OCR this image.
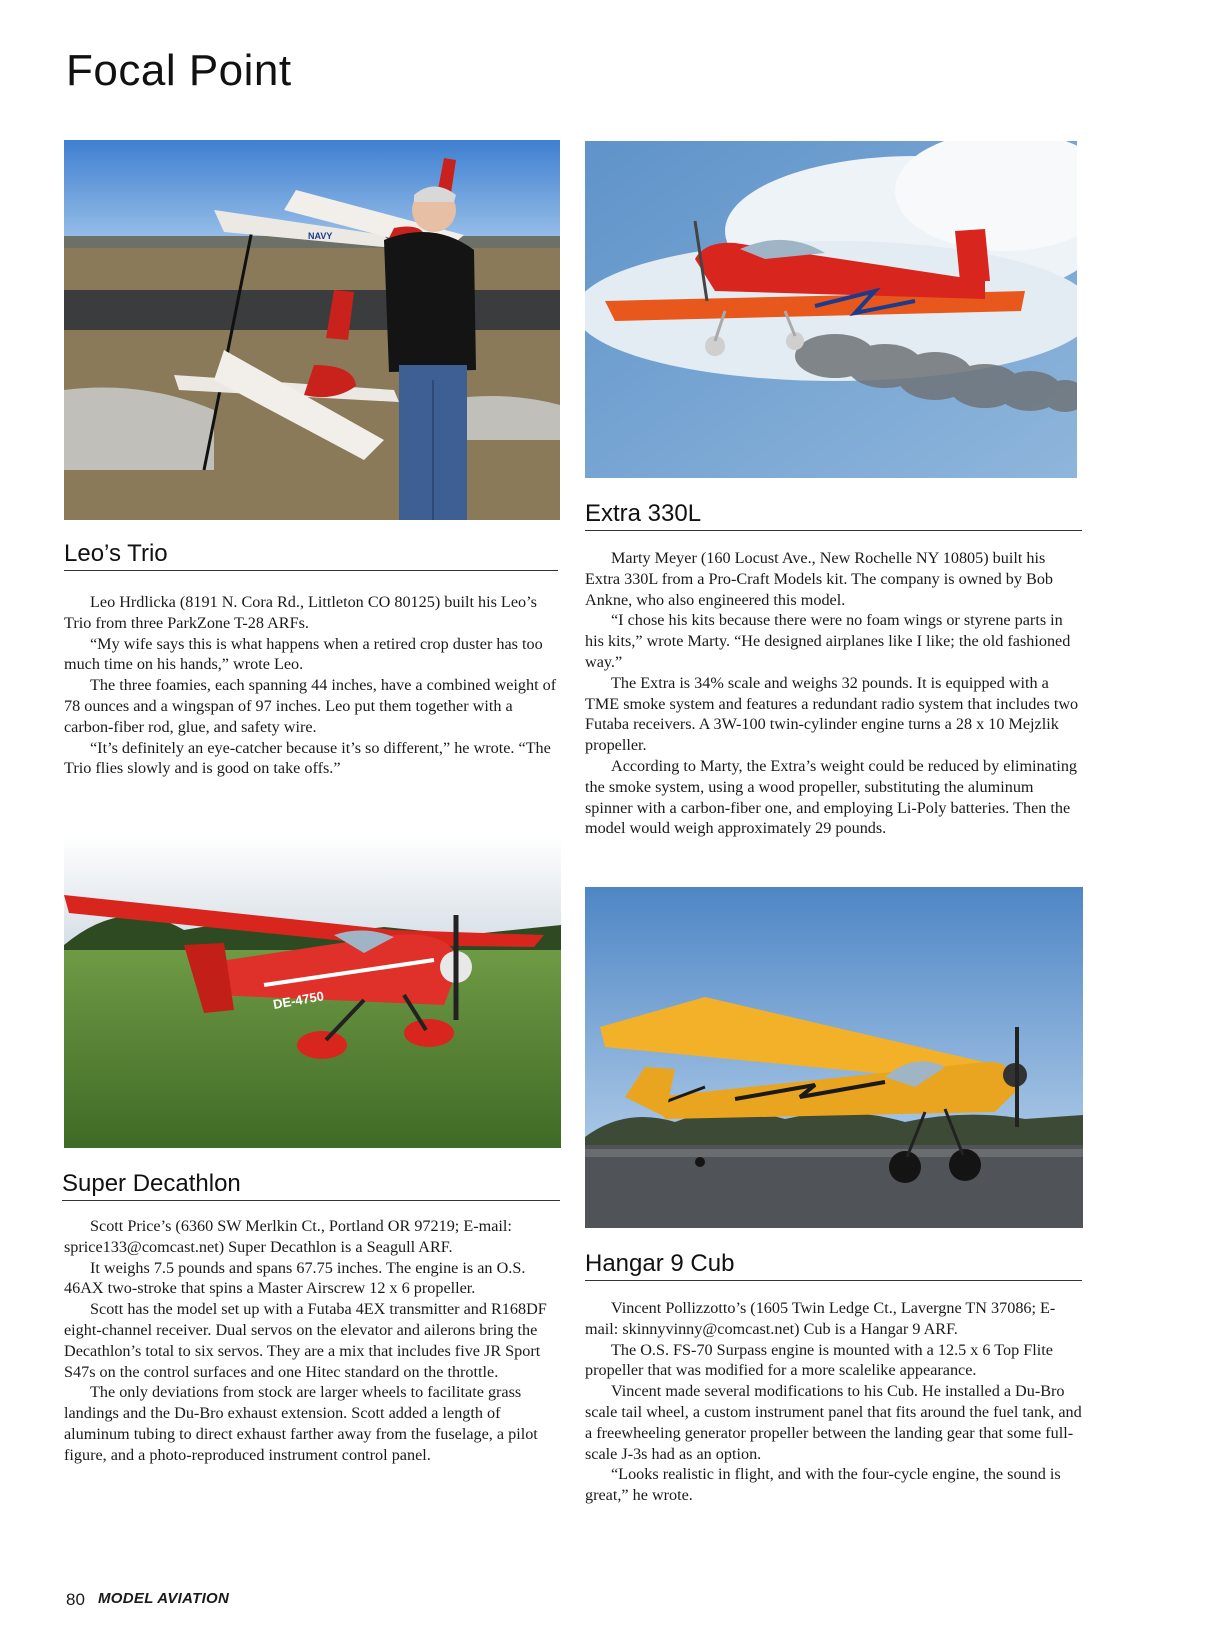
Focal Point
NAVY
Leo’s Trio
Extra 330L

Leo Hrdlicka (8191 N. Cora Rd., Littleton CO 80125) built his Leo’s Trio from three ParkZone T-28 ARFs.

“My wife says this is what happens when a retired crop duster has too much time on his hands,” wrote Leo.

The three foamies, each spanning 44 inches, have a combined weight of 78 ounces and a wingspan of 97 inches. Leo put them together with a carbon-fiber rod, glue, and safety wire.

“It’s definitely an eye-catcher because it’s so different,” he wrote. “The Trio flies slowly and is good on take offs.”

Marty Meyer (160 Locust Ave., New Rochelle NY 10805) built his Extra 330L from a Pro-Craft Models kit. The company is owned by Bob Ankne, who also engineered this model.

“I chose his kits because there were no foam wings or styrene parts in his kits,” wrote Marty. “He designed airplanes like I like; the old fashioned way.”

The Extra is 34% scale and weighs 32 pounds. It is equipped with a TME smoke system and features a redundant radio system that includes two Futaba receivers. A 3W-100 twin-cylinder engine turns a 28 x 10 Mejzlik propeller.

According to Marty, the Extra’s weight could be reduced by eliminating the smoke system, using a wood propeller, substituting the aluminum spinner with a carbon-fiber one, and employing Li-Poly batteries. Then the model would weigh approximately 29 pounds.

DE-4750
Super Decathlon
Hangar 9 Cub

Scott Price’s (6360 SW Merlkin Ct., Portland OR 97219; E-mail: sprice133@comcast.net) Super Decathlon is a Seagull ARF.

It weighs 7.5 pounds and spans 67.75 inches. The engine is an O.S. 46AX two-stroke that spins a Master Airscrew 12 x 6 propeller.

Scott has the model set up with a Futaba 4EX transmitter and R168DF eight-channel receiver. Dual servos on the elevator and ailerons bring the Decathlon’s total to six servos. They are a mix that includes five JR Sport S47s on the control surfaces and one Hitec standard on the throttle.

The only deviations from stock are larger wheels to facilitate grass landings and the Du-Bro exhaust extension. Scott added a length of aluminum tubing to direct exhaust farther away from the fuselage, a pilot figure, and a photo-reproduced instrument control panel.

Vincent Pollizzotto’s (1605 Twin Ledge Ct., Lavergne TN 37086; E-mail: skinnyvinny@comcast.net) Cub is a Hangar 9 ARF.

The O.S. FS-70 Surpass engine is mounted with a 12.5 x 6 Top Flite propeller that was modified for a more scalelike appearance.

Vincent made several modifications to his Cub. He installed a Du-Bro scale tail wheel, a custom instrument panel that fits around the fuel tank, and a freewheeling generator propeller between the landing gear that some full-scale J-3s had as an option.

“Looks realistic in flight, and with the four-cycle engine, the sound is great,” he wrote.

80 MODEL AVIATION
